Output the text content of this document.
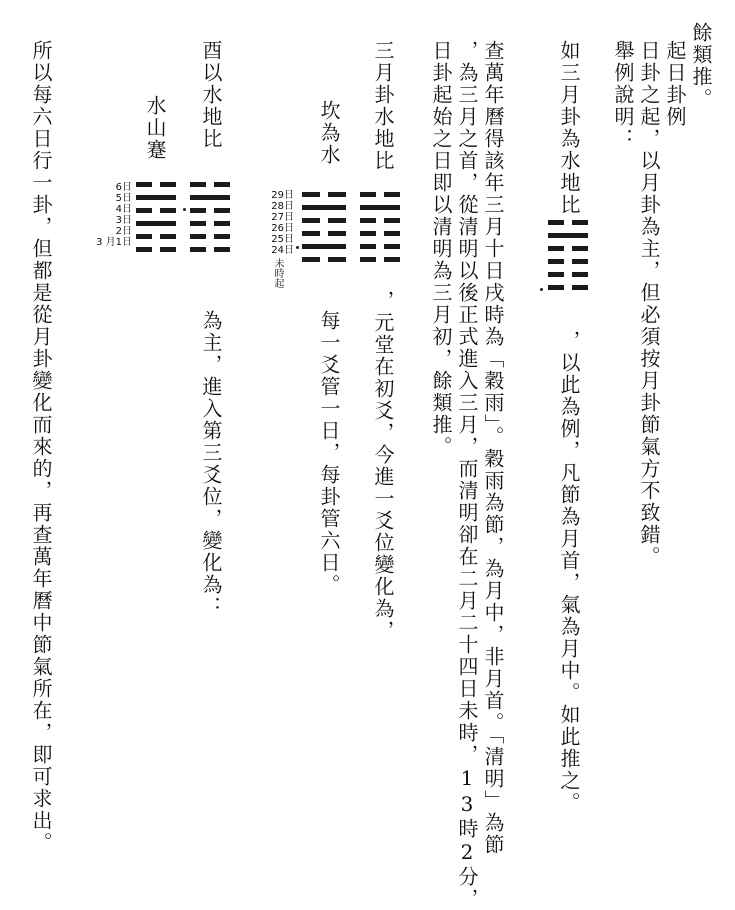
餘類推。
起日卦例
日卦之起，以月卦為主，但必須按月卦節氣方不致錯。
舉例說明：
如三月卦為水地比
，以此為例，凡節為月首，氣為月中。如此推之。
查萬年曆得該年三月十日戌時為「穀雨」。穀雨為節，為月中，非月首。「清明」為節
，為三月之首，從清明以後正式進入三月，而清明卻在二月二十四日未時，13時2分，
日卦起始之日即以清明為三月初，餘類推。
三月卦水地比
，元堂在初爻，今進一爻位變化為，
坎為水
每一爻管一日，每卦管六日。
酉以水地比
為主，進入第三爻位，變化為：
水山蹇
所以每六日行一卦，但都是從月卦變化而來的，再查萬年曆中節氣所在，即可求出。	29日
28日
27日
26日
25日
24日
未時起
6日
5日
4日
3日
2日
3 月1日
